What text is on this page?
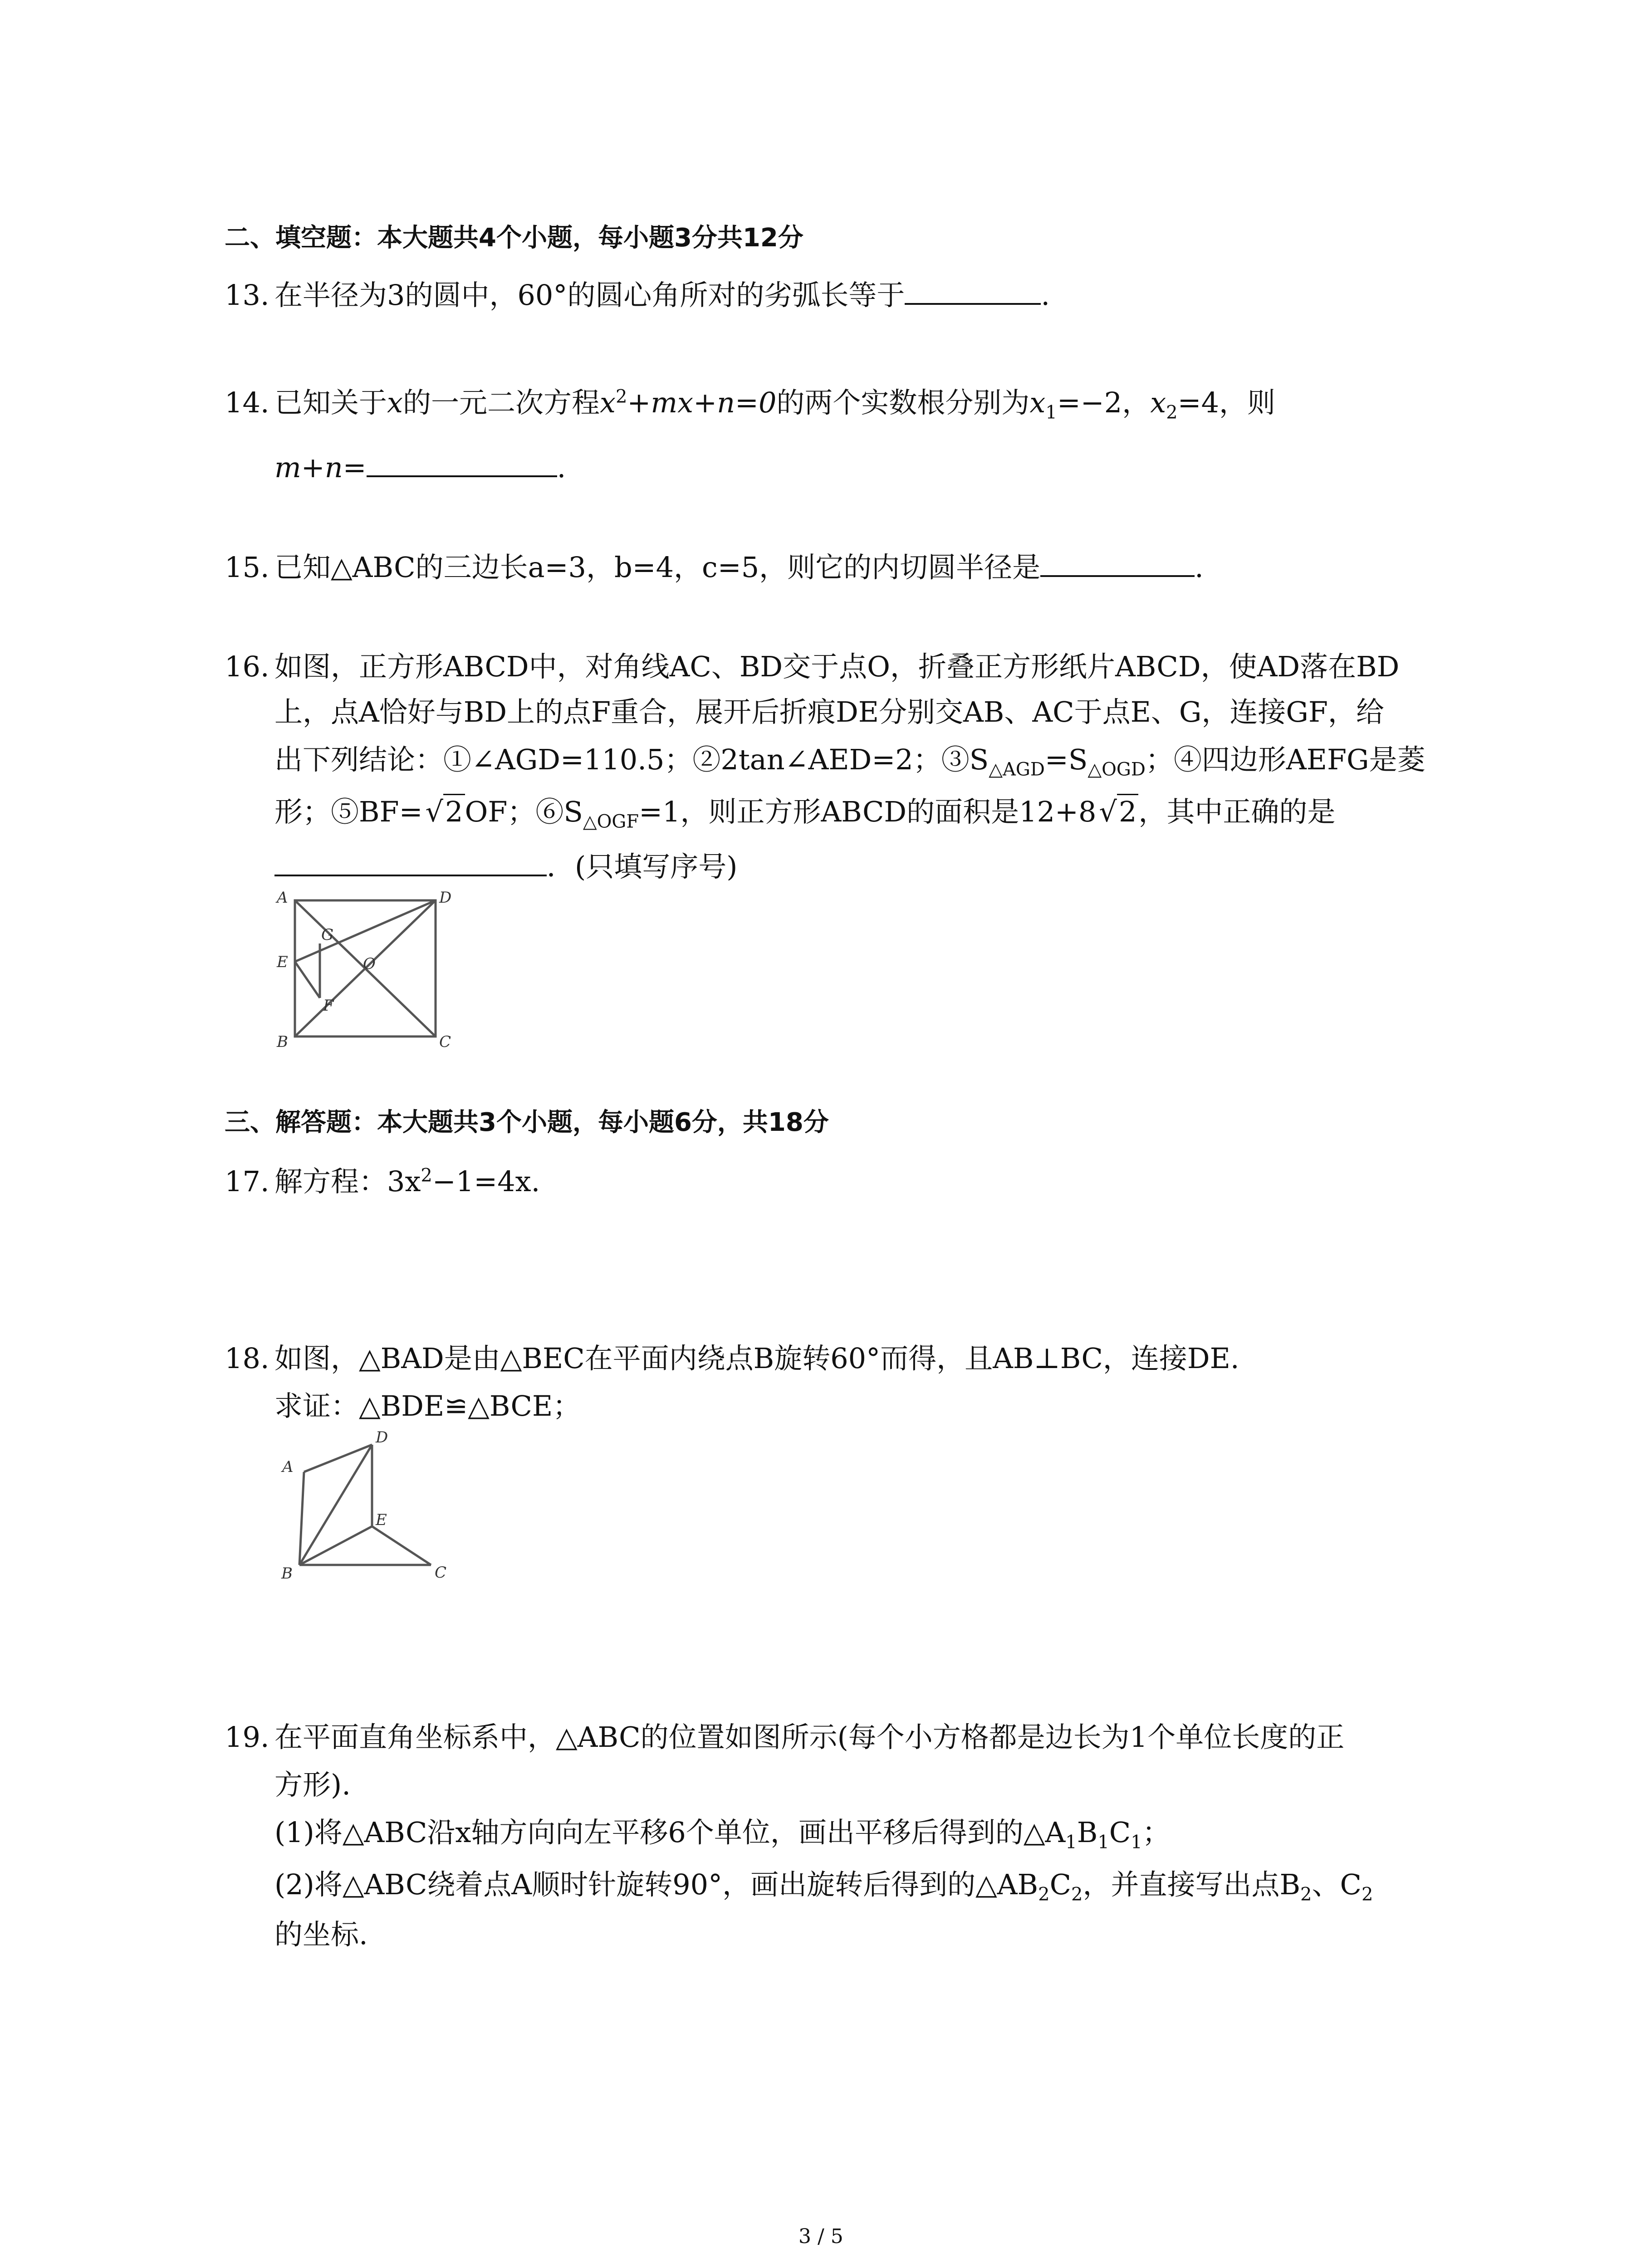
二、填空题：本大题共4个小题，每小题3分共12分
13. 在半径为3的圆中，60°的圆心角所对的劣弧长等于	.
14. 已知关于x的一元二次方程$x^2+mx+n=0$的两个实数根分别为$x_1=-2$，$x_2=4$，则
m+n=	.
15. 已知△ABC的三边长a=3，b=4，c=5，则它的内切圆半径是	.
16. 如图，正方形ABCD中，对角线AC、BD交于点O，折叠正方形纸片ABCD，使AD落在BD
上，点A恰好与BD上的点F重合，展开后折痕DE分别交AB、AC于点E、G，连接GF，给
出下列结论：①∠AGD=110.5；②2tan∠AED=2；$③S_{\triangle AGD}=S_{\triangle OGD}$；④四边形AEFG是菱
形；⑤BF= √ 2OF；$⑥S_{\triangle OGF}=1$，则正方形ABCD的面积是12+8 √ 2，其中正确的是
．(只填写序号)
A	D
B	C
E
G
F
O
三、解答题：本大题共3个小题，每小题6分，共18分
17. 解方程：$3x^2-1=4x$.
18. 如图，△BAD是由△BEC在平面内绕点B旋转60°而得，且AB⊥BC，连接DE.
求证：△BDE≌△BCE；
A
D
E
B	C
19. 在平面直角坐标系中，△ABC的位置如图所示(每个小方格都是边长为1个单位长度的正
方形).
(1)将△ABC沿x轴方向向左平移6个单位，画出平移后得到的$\triangle A_1B_1C_1$；
(2)将△ABC绕着点A顺时针旋转90°，画出旋转后得到的$\triangle AB_2C_2$，并直接写出点$B_2$、$C_2$
的坐标.
3 / 5
